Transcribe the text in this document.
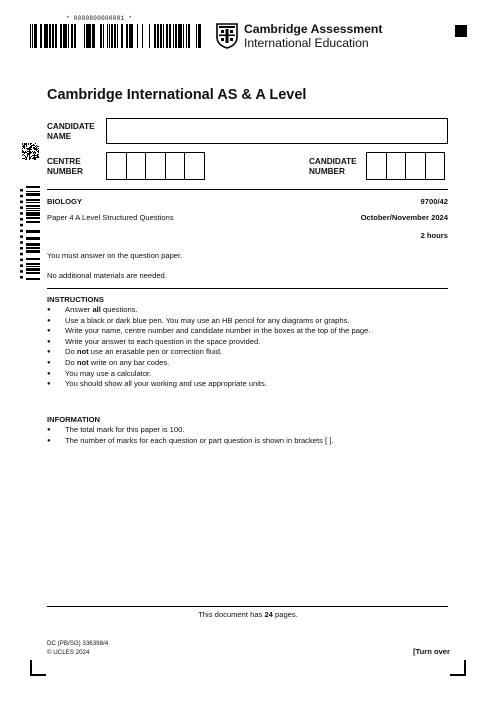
* 0000800000001 *
Cambridge Assessment
International Education
Cambridge International AS & A Level
CANDIDATE
NAME
CENTRE
NUMBER
CANDIDATE
NUMBER
BIOLOGY	9700/42
Paper 4 A Level Structured Questions	October/November 2024
2 hours
You must answer on the question paper.
No additional materials are needed.
INSTRUCTIONS
● Answer all questions.
● Use a black or dark blue pen. You may use an HB pencil for any diagrams or graphs.
● Write your name, centre number and candidate number in the boxes at the top of the page.
● Write your answer to each question in the space provided.
● Do not use an erasable pen or correction fluid.
● Do not write on any bar codes.
● You may use a calculator.
● You should show all your working and use appropriate units.
INFORMATION
● The total mark for this paper is 100.
● The number of marks for each question or part question is shown in brackets [ ].
This document has 24 pages.
DC (PB/SG) 336398/4
© UCLES 2024	[Turn over
